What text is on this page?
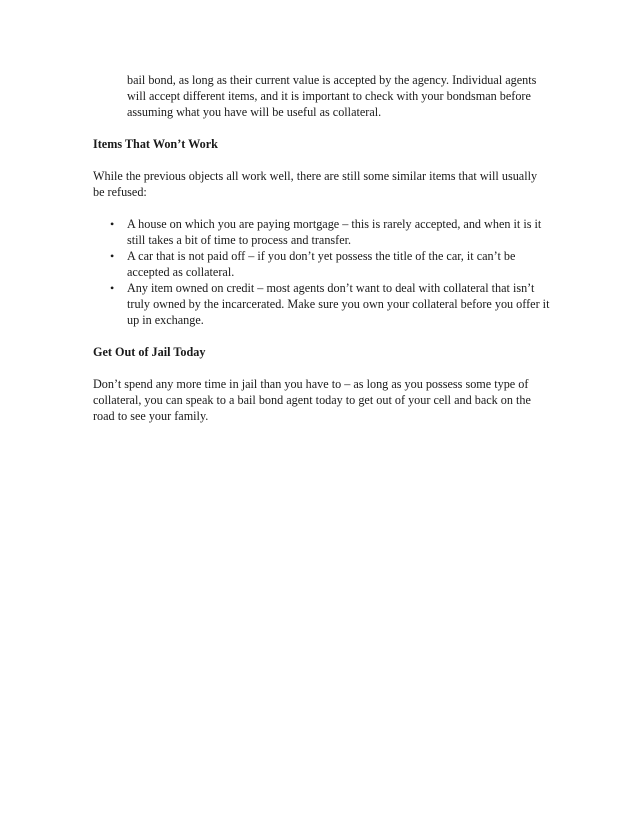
bail bond, as long as their current value is accepted by the agency. Individual agents will accept different items, and it is important to check with your bondsman before assuming what you have will be useful as collateral.

Items That Won’t Work

While the previous objects all work well, there are still some similar items that will usually be refused:

• A house on which you are paying mortgage – this is rarely accepted, and when it is it still takes a bit of time to process and transfer.
• A car that is not paid off – if you don’t yet possess the title of the car, it can’t be accepted as collateral.
• Any item owned on credit – most agents don’t want to deal with collateral that isn’t truly owned by the incarcerated. Make sure you own your collateral before you offer it up in exchange.

Get Out of Jail Today

Don’t spend any more time in jail than you have to – as long as you possess some type of collateral, you can speak to a bail bond agent today to get out of your cell and back on the road to see your family.
